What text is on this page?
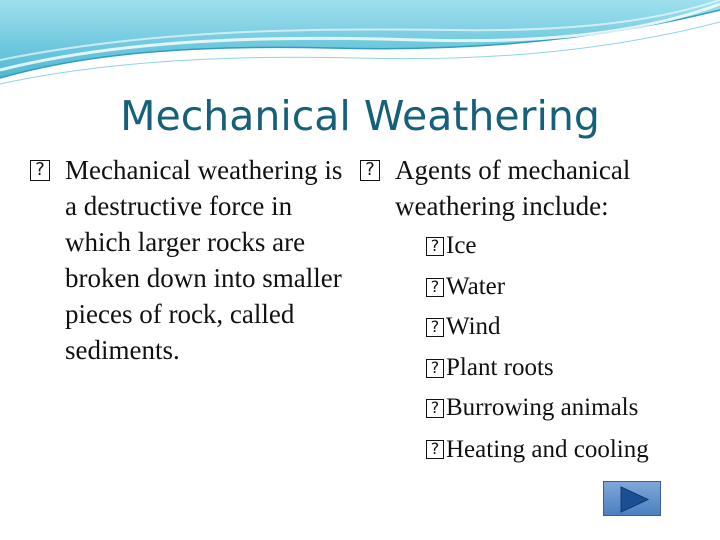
Mechanical Weathering
?
Mechanical weathering is a destructive force in which larger rocks are broken down into smaller pieces of rock, called sediments.
?
Agents of mechanical weathering include:
?
Ice
?
Water
?
Wind
?
Plant roots
?
Burrowing animals
?
Heating and cooling
